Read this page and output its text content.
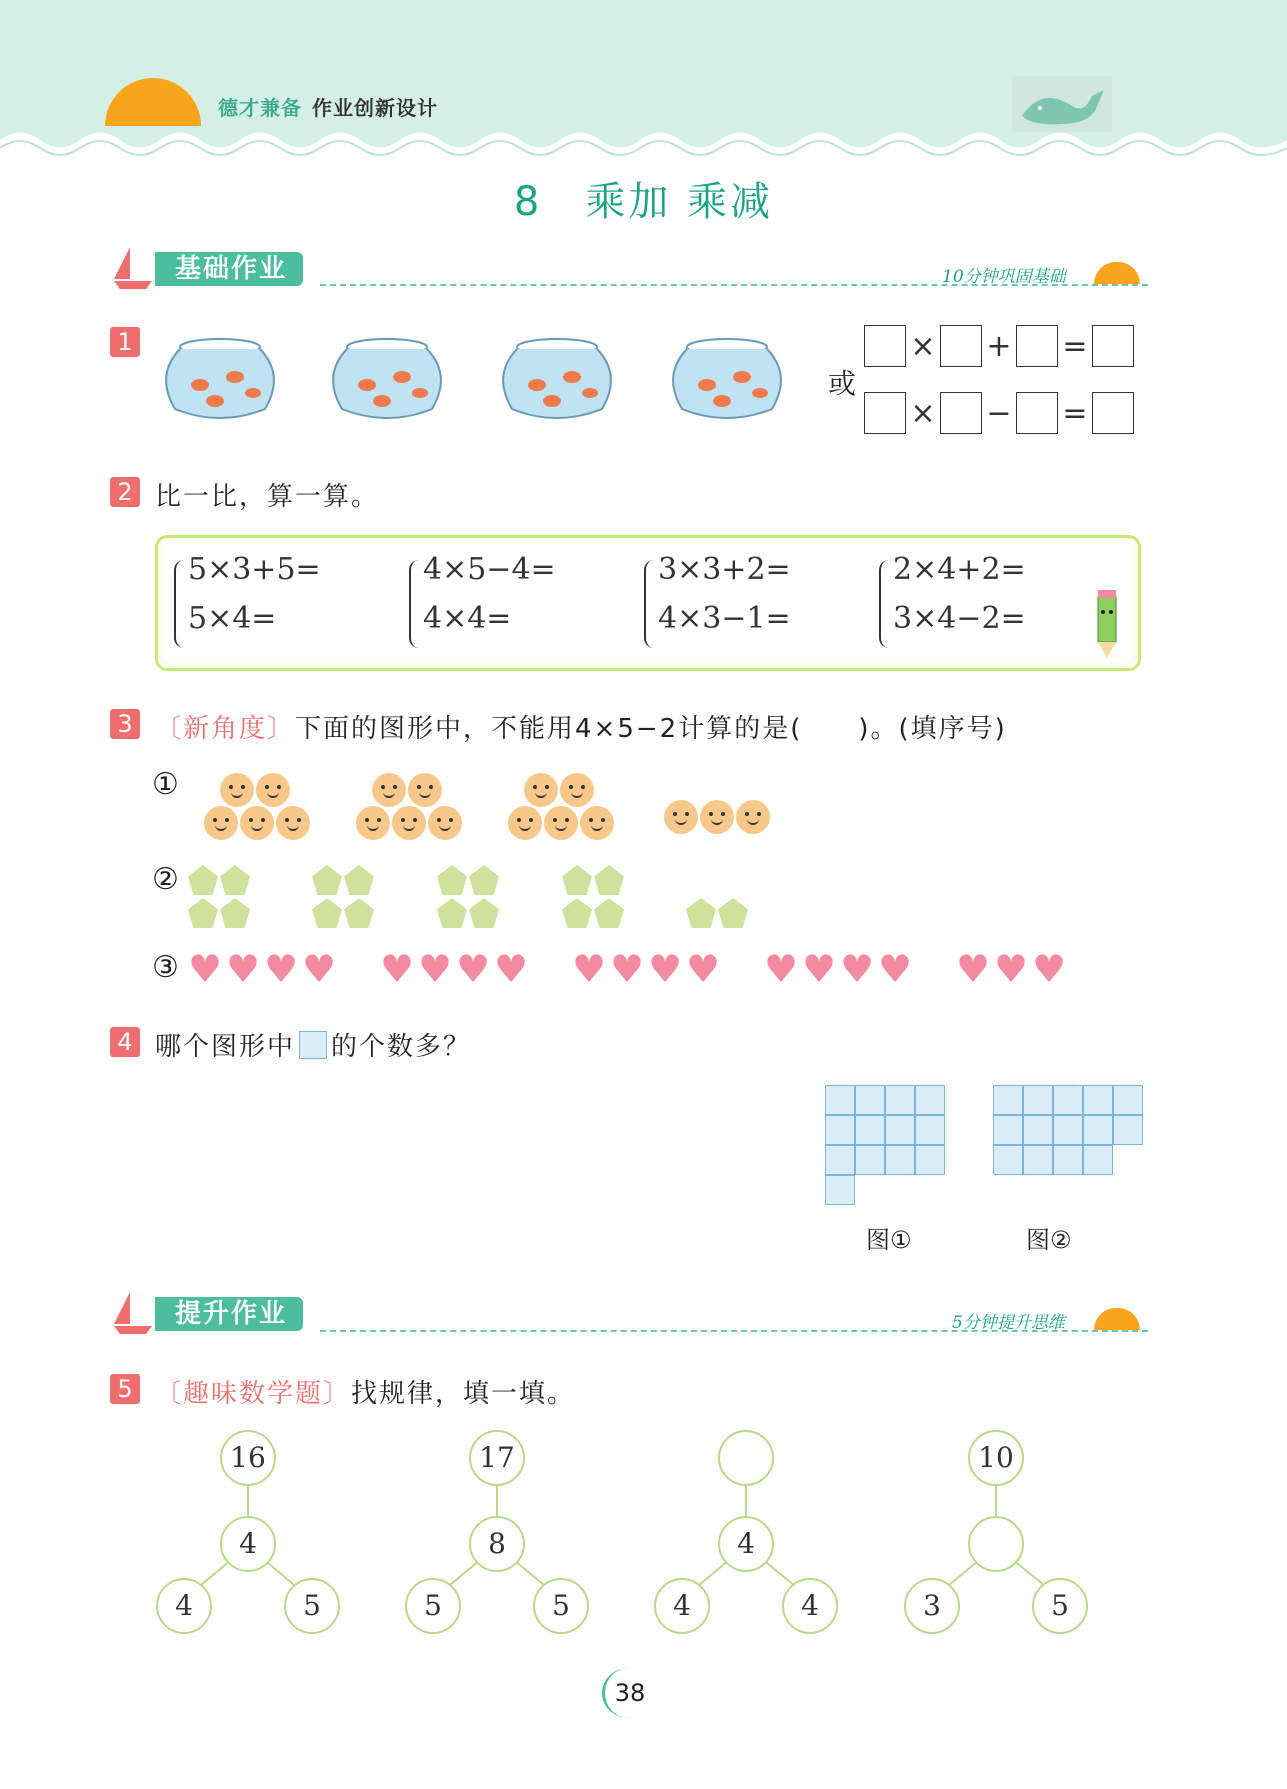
德才兼备 作业创新设计
8　乘加 乘减
基础作业	10分钟巩固基础
1
或
× + =
× − =
2 比一比，算一算。
5×3+5=
5×4=
4×5−4=
4×4=
3×3+2=
4×3−1=
2×4+2=
3×4−2=
3 〔新角度〕下面的图形中，不能用4×5−2计算的是(　　)。(填序号)
①
②
③
4 哪个图形中 的个数多？
图①	图②
提升作业	5分钟提升思维
5 〔趣味数学题〕找规律，填一填。
38
♥ ♥ ♥ ♥ ♥ ♥ ♥ ♥ ♥ ♥ ♥ ♥ ♥ ♥ ♥ ♥ ♥ ♥ ♥
16
4
4	5
17
8
5	5
4
4	4
10
3	5
